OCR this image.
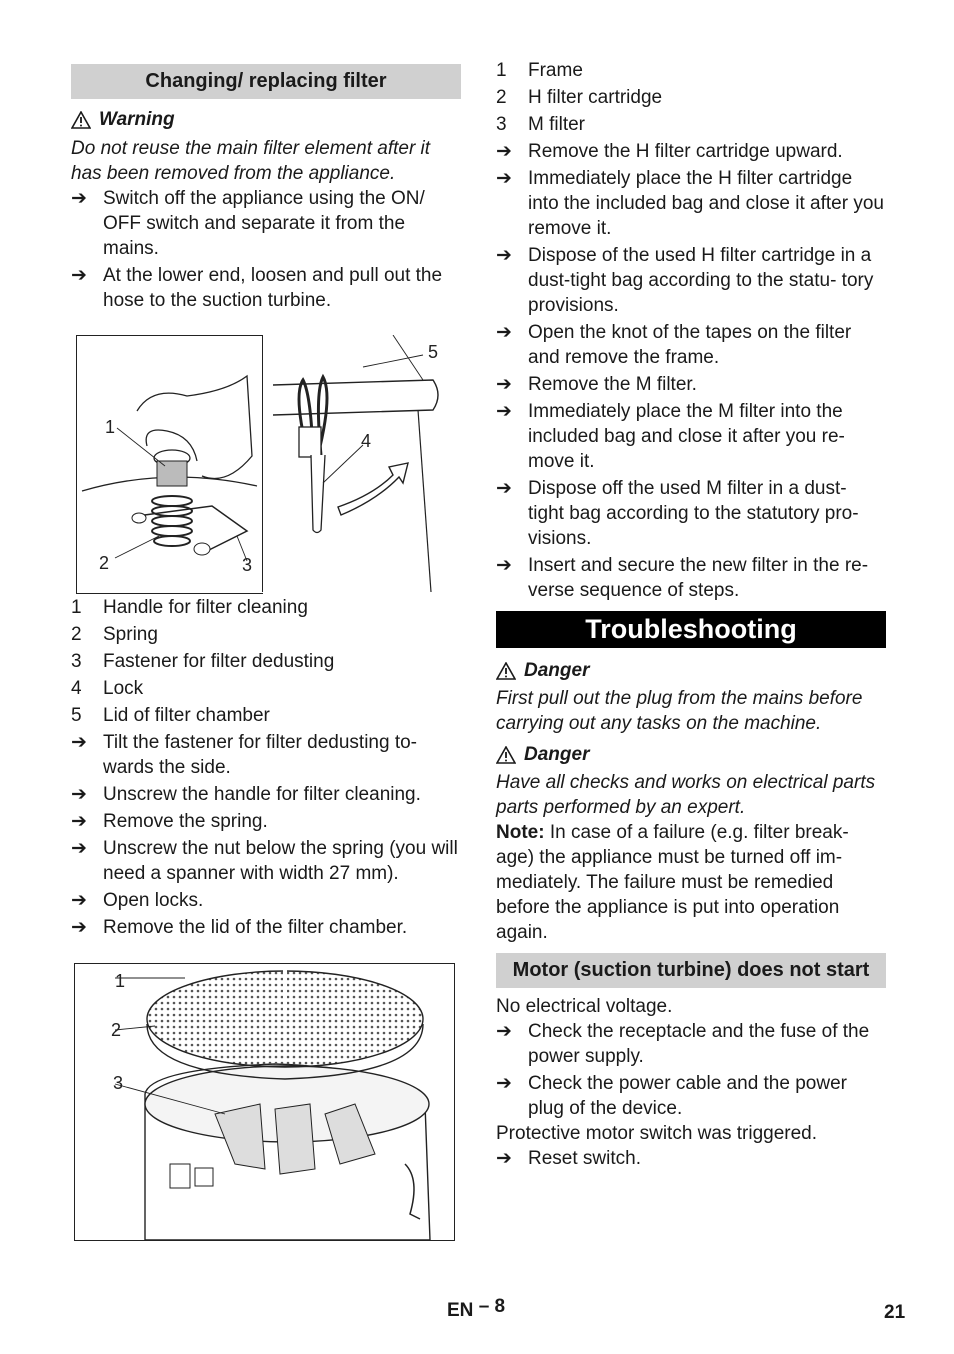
Changing/ replacing filter
Warning
Do not reuse the main filter element after it has been removed from the appliance.
➔ Switch off the appliance using the ON/ OFF switch and separate it from the mains.
➔ At the lower end, loosen and pull out the hose to the suction turbine.
1
2	3
5
4
1	Handle for filter cleaning
2	Spring
3	Fastener for filter dedusting
4	Lock
5	Lid of filter chamber
➔ Tilt the fastener for filter dedusting to- wards the side.
➔ Unscrew the handle for filter cleaning.
➔ Remove the spring.
➔ Unscrew the nut below the spring (you will need a spanner with width 27 mm).
➔ Open locks.
➔ Remove the lid of the filter chamber.
1
2
3
1	Frame
2	H filter cartridge
3	M filter
➔ Remove the H filter cartridge upward.
➔ Immediately place the H filter cartridge into the included bag and close it after you remove it.
➔ Dispose of the used H filter cartridge in a dust-tight bag according to the statu- tory provisions.
➔ Open the knot of the tapes on the filter and remove the frame.
➔ Remove the M filter.
➔ Immediately place the M filter into the included bag and close it after you re- move it.
➔ Dispose off the used M filter in a dust- tight bag according to the statutory pro- visions.
➔ Insert and secure the new filter in the re- verse sequence of steps.
Troubleshooting
Danger
First pull out the plug from the mains before carrying out any tasks on the machine.
Danger
Have all checks and works on electrical parts parts performed by an expert.
Note: In case of a failure (e.g. filter break- age) the appliance must be turned off im- mediately. The failure must be remedied before the appliance is put into operation again.
Motor (suction turbine) does not start
No electrical voltage.
➔ Check the receptacle and the fuse of the power supply.
➔ Check the power cable and the power plug of the device.
Protective motor switch was triggered.
➔ Reset switch.
EN – 8	21
